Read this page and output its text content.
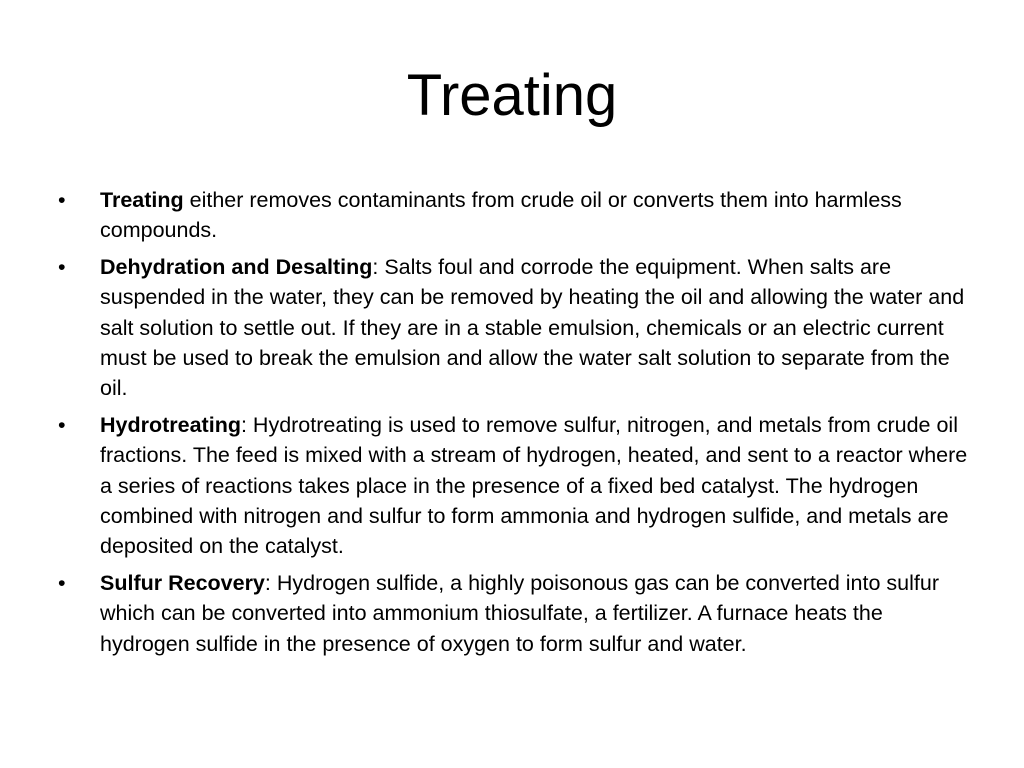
Treating
•	Treating either removes contaminants from crude oil or converts them into harmless compounds.
•	Dehydration and Desalting: Salts foul and corrode the equipment. When salts are suspended in the water, they can be removed by heating the oil and allowing the water and salt solution to settle out. If they are in a stable emulsion, chemicals or an electric current must be used to break the emulsion and allow the water salt solution to separate from the oil.
•	Hydrotreating: Hydrotreating is used to remove sulfur, nitrogen, and metals from crude oil fractions. The feed is mixed with a stream of hydrogen, heated, and sent to a reactor where a series of reactions takes place in the presence of a fixed bed catalyst. The hydrogen combined with nitrogen and sulfur to form ammonia and hydrogen sulfide, and metals are deposited on the catalyst.
•	Sulfur Recovery: Hydrogen sulfide, a highly poisonous gas can be converted into sulfur which can be converted into ammonium thiosulfate, a fertilizer. A furnace heats the hydrogen sulfide in the presence of oxygen to form sulfur and water.
